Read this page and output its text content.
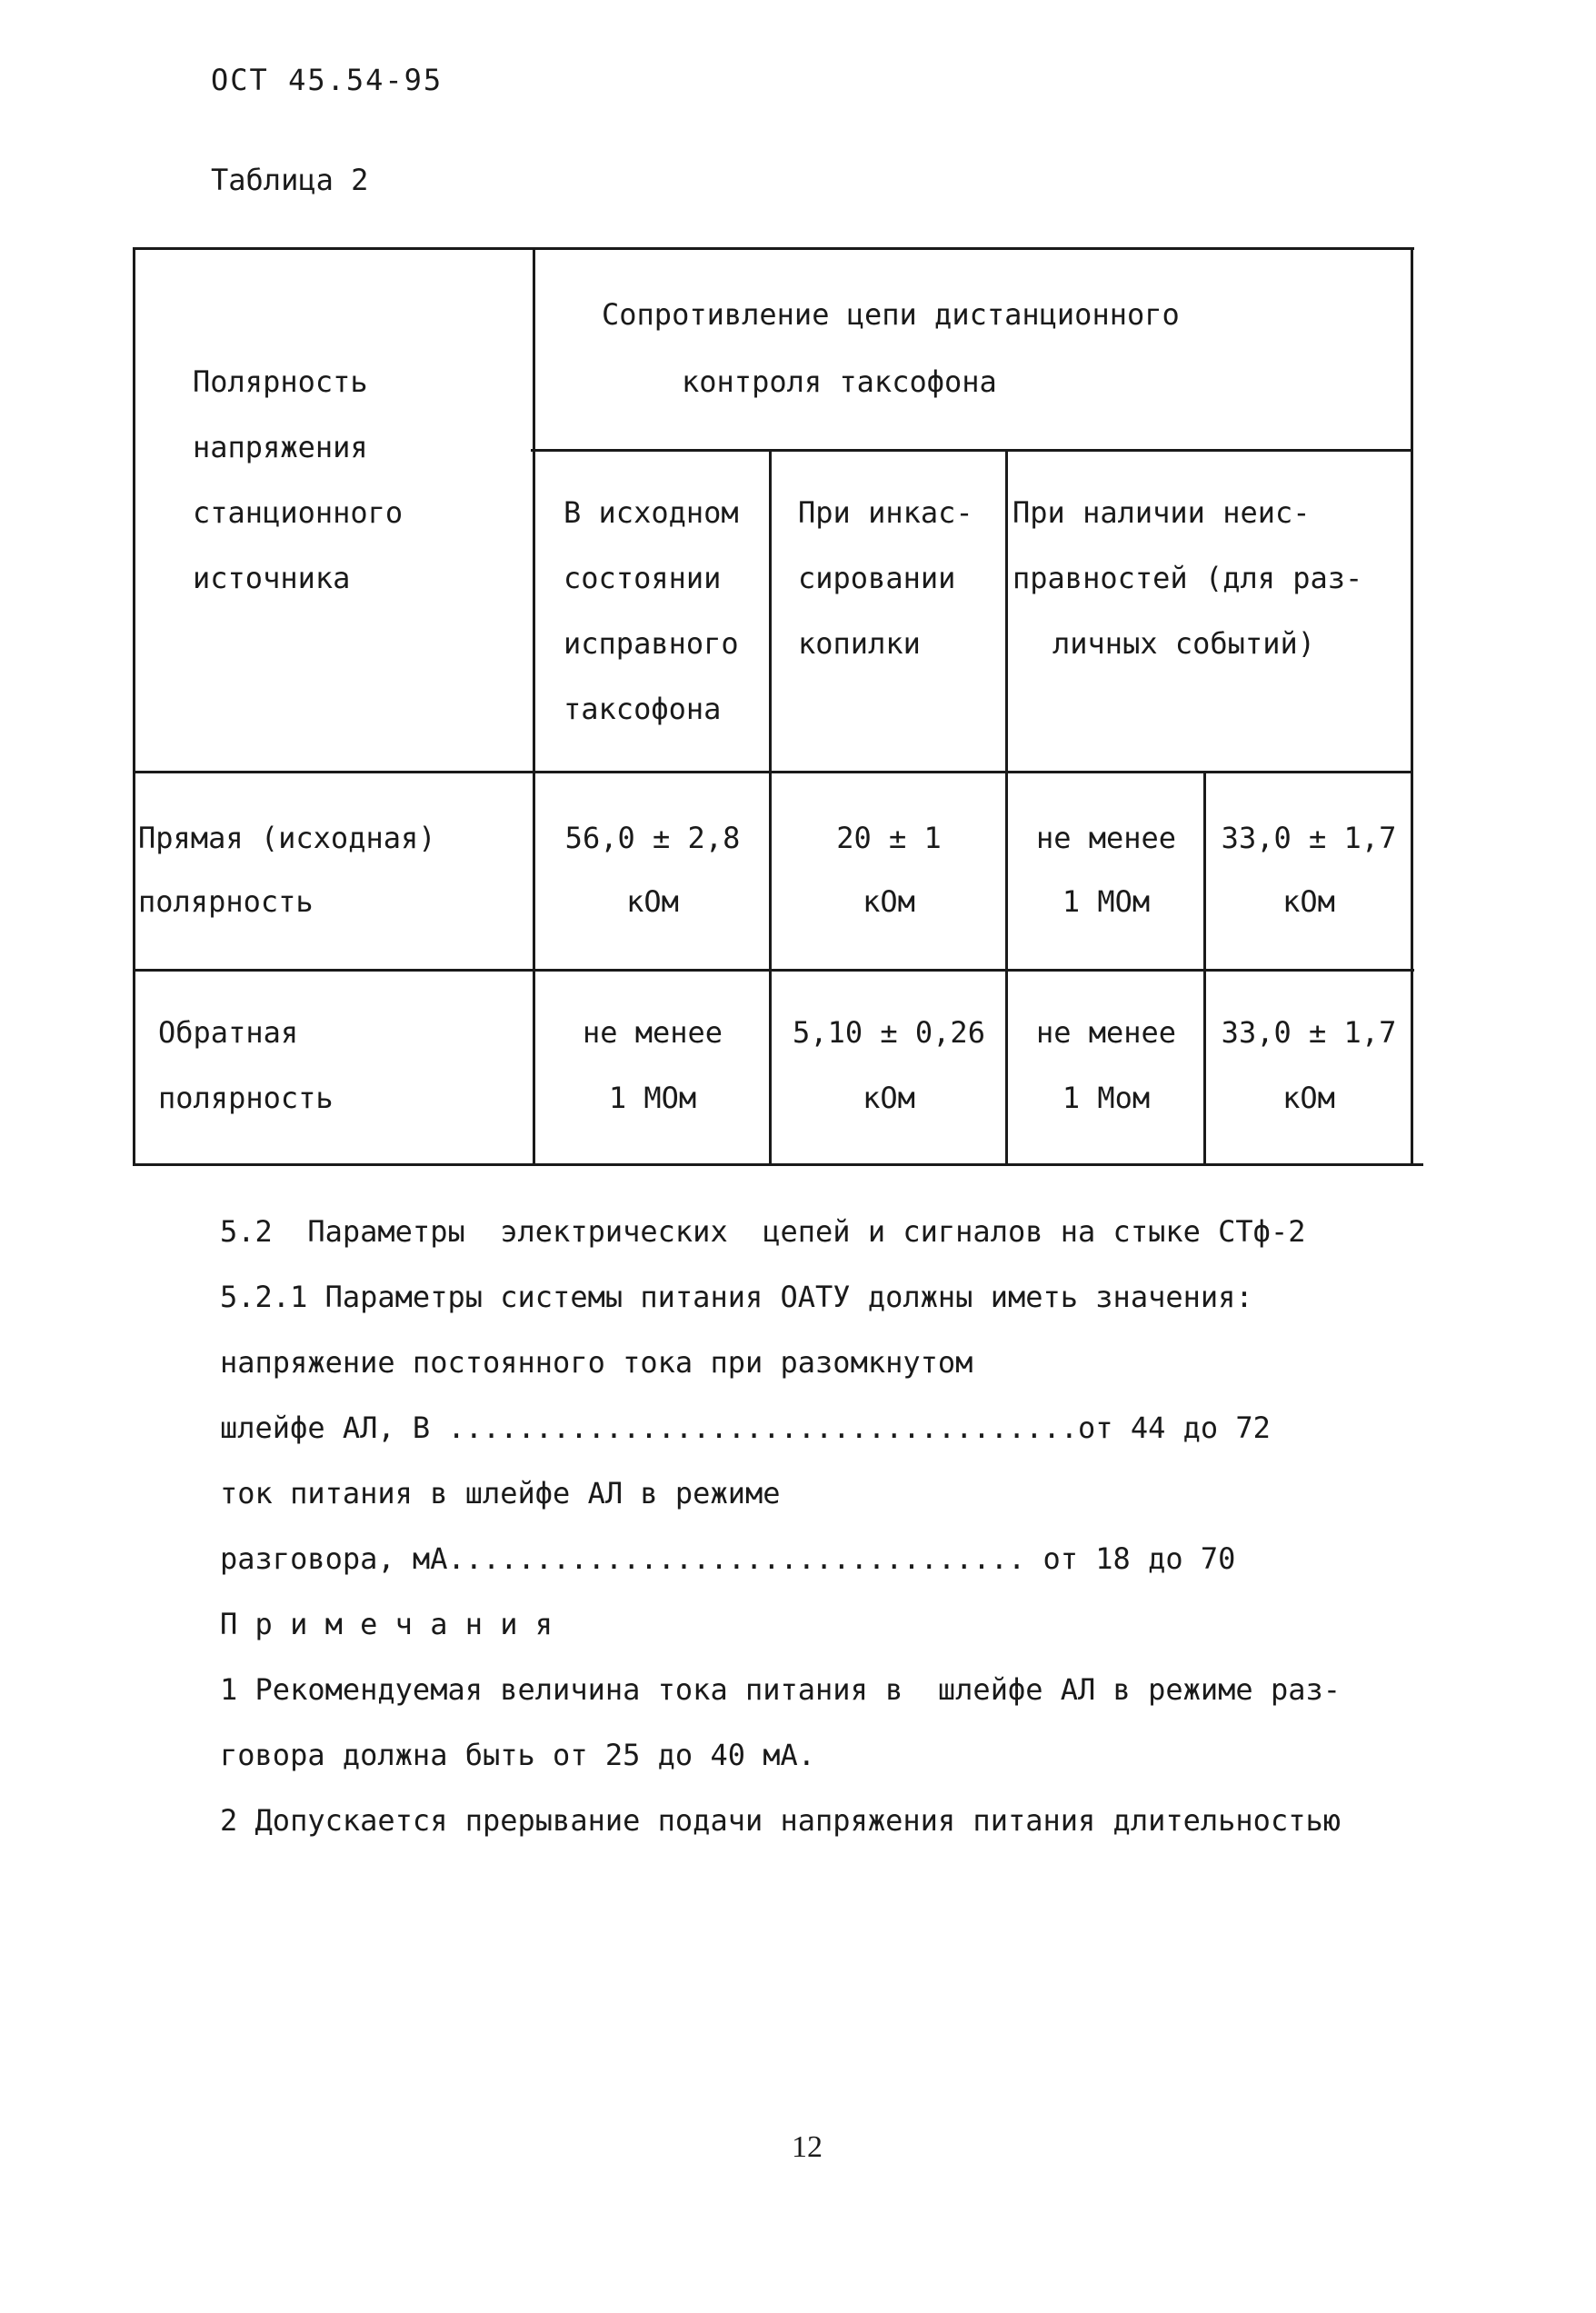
ОСТ 45.54-95
Таблица 2
Полярность
напряжения
станционного
источника
Сопротивление цепи дистанционного
контроля таксофона
В исходном
состоянии
исправного
таксофона
При инкас-
сировании
копилки
При наличии неис-
правностей (для раз-
личных событий)
Прямая (исходная)
полярность
56,0 ± 2,8
кОм
20 ± 1
кОм
не менее
1 МОм
33,0 ± 1,7
кОм
Обратная
полярность
не менее
1 МОм
5,10 ± 0,26
кОм
не менее
1 Мом
33,0 ± 1,7
кОм
5.2  Параметры  электрических  цепей и сигналов на стыке СТф-2
5.2.1 Параметры системы питания ОАТУ должны иметь значения:
напряжение постоянного тока при разомкнутом
шлейфе АЛ, В ....................................от 44 до 72
ток питания в шлейфе АЛ в режиме
разговора, мА................................. от 18 до 70
П р и м е ч а н и я
1 Рекомендуемая величина тока питания в  шлейфе АЛ в режиме раз-
говора должна быть от 25 до 40 мА.
2 Допускается прерывание подачи напряжения питания длительностью
12
